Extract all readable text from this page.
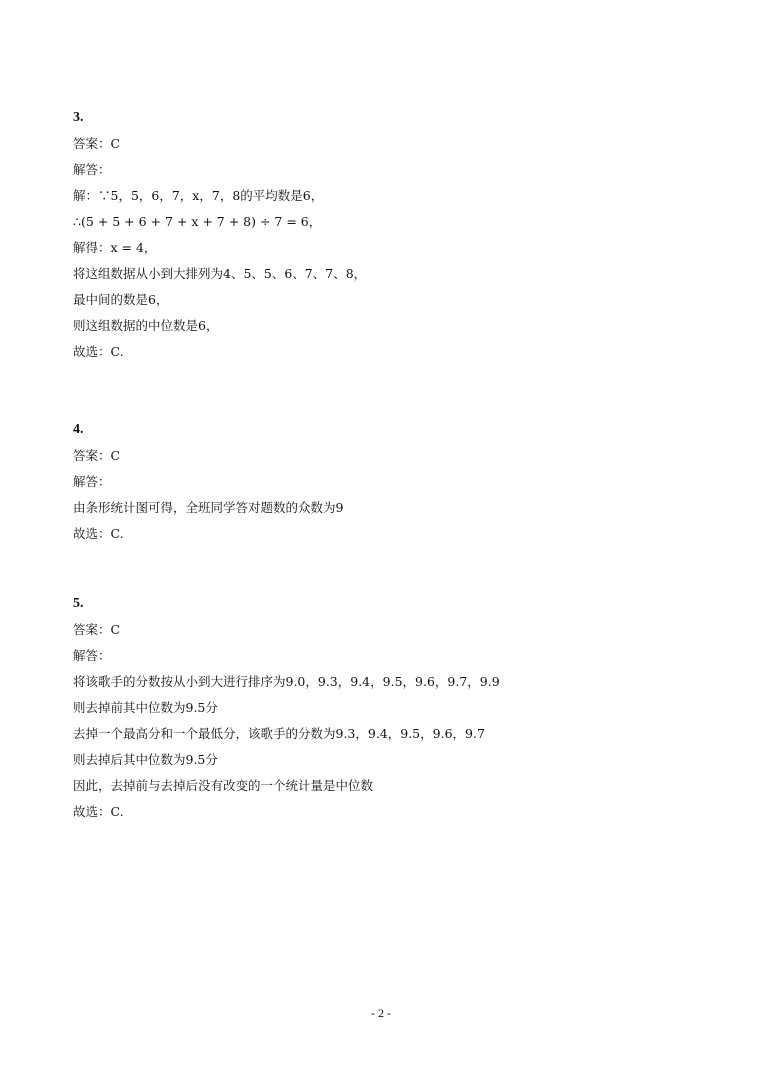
3.
答案：C
解答：
解：∵5，5，6，7，x，7，8的平均数是6，
∴(5 + 5 + 6 + 7 + x + 7 + 8) ÷ 7 = 6，
解得：x = 4，
将这组数据从小到大排列为4、5、5、6、7、7、8，
最中间的数是6，
则这组数据的中位数是6，
故选：C.
4.
答案：C
解答：
由条形统计图可得，全班同学答对题数的众数为9
故选：C.
5.
答案：C
解答：
将该歌手的分数按从小到大进行排序为9.0，9.3，9.4，9.5，9.6，9.7，9.9
则去掉前其中位数为9.5分
去掉一个最高分和一个最低分，该歌手的分数为9.3，9.4，9.5，9.6，9.7
则去掉后其中位数为9.5分
因此，去掉前与去掉后没有改变的一个统计量是中位数
故选：C.
- 2 -
